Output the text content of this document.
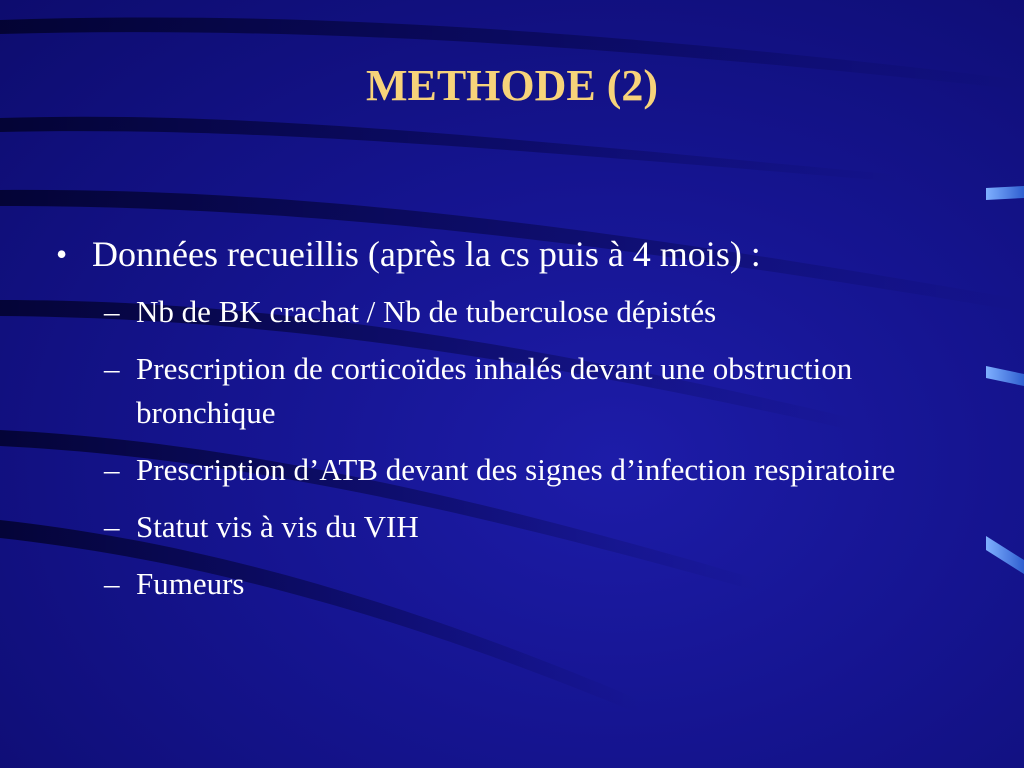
METHODE (2)
• Données recueillis (après la cs puis à 4 mois) :
– Nb de BK crachat / Nb de tuberculose dépistés
– Prescription de corticoïdes inhalés devant une obstruction bronchique
– Prescription d’ATB devant des signes d’infection respiratoire
– Statut vis à vis du VIH
– Fumeurs
